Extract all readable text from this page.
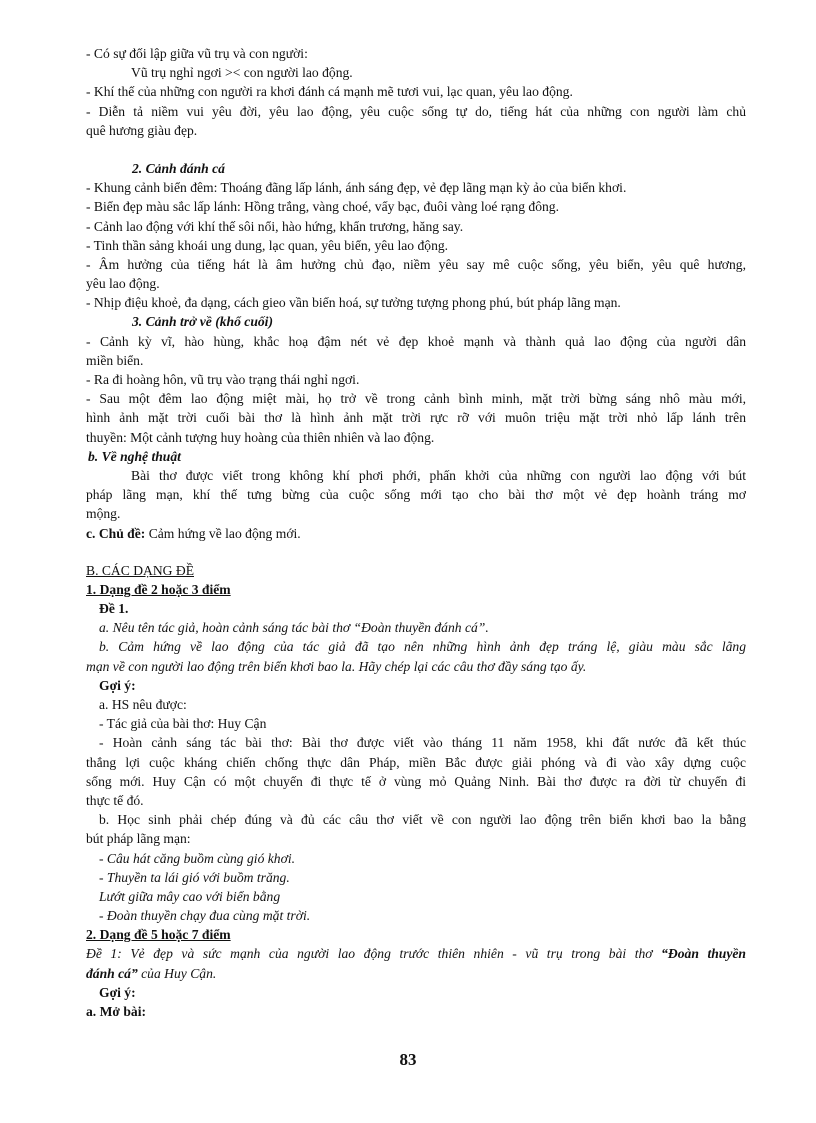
- Có sự đối lập giữa vũ trụ và con người:
Vũ trụ nghỉ ngơi >< con người lao động.
- Khí thế của những con người ra khơi đánh cá mạnh mẽ tươi vui, lạc quan, yêu lao động.
- Diễn tả niềm vui yêu đời, yêu lao động, yêu cuộc sống tự do, tiếng hát của những con người làm chủ
quê hương giàu đẹp.
2. Cảnh đánh cá
- Khung cảnh biển đêm: Thoáng đãng lấp lánh, ánh sáng đẹp, vẻ đẹp lãng mạn kỳ ảo của biển khơi.
- Biển đẹp màu sắc lấp lánh: Hồng trắng, vàng choé, vẩy bạc, đuôi vàng loé rạng đông.
- Cảnh lao động với khí thế sôi nổi, hào hứng, khẩn trương, hăng say.
- Tinh thần sảng khoái ung dung, lạc quan, yêu biển, yêu lao động.
- Âm hưởng của tiếng hát là âm hưởng chủ đạo, niềm yêu say mê cuộc sống, yêu biển, yêu quê hương,
yêu lao động.
- Nhịp điệu khoẻ, đa dạng, cách gieo vần biến hoá, sự tưởng tượng phong phú, bút pháp lãng mạn.
3. Cảnh trở về (khổ cuối)
- Cảnh kỳ vĩ, hào hùng, khắc hoạ đậm nét vẻ đẹp khoẻ mạnh và thành quả lao động của người dân
miền biển.
- Ra đi hoàng hôn, vũ trụ vào trạng thái nghỉ ngơi.
- Sau một đêm lao động miệt mài, họ trở về trong cảnh bình minh, mặt trời bừng sáng nhô màu mới,
hình ảnh mặt trời cuối bài thơ là hình ảnh mặt trời rực rỡ với muôn triệu mặt trời nhỏ lấp lánh trên
thuyền: Một cảnh tượng huy hoàng của thiên nhiên và lao động.
b. Về nghệ thuật
Bài thơ được viết trong không khí phơi phới, phấn khởi của những con người lao động với bút
pháp lãng mạn, khí thế tưng bừng của cuộc sống mới tạo cho bài thơ một vẻ đẹp hoành tráng mơ
mộng.
c. Chủ đề: Cảm hứng về lao động mới.
B. CÁC DẠNG ĐỀ
1. Dạng đề 2 hoặc 3 điểm
Đề 1.
a. Nêu tên tác giả, hoàn cảnh sáng tác bài thơ “Đoàn thuyền đánh cá”.
b. Cảm hứng về lao động của tác giả đã tạo nên những hình ảnh đẹp tráng lệ, giàu màu sắc lãng
mạn về con người lao động trên biển khơi bao la. Hãy chép lại các câu thơ đầy sáng tạo ấy.
Gợi ý:
a. HS nêu được:
- Tác giả của bài thơ: Huy Cận
- Hoàn cảnh sáng tác bài thơ: Bài thơ được viết vào tháng 11 năm 1958, khi đất nước đã kết thúc
thắng lợi cuộc kháng chiến chống thực dân Pháp, miền Bắc được giải phóng và đi vào xây dựng cuộc
sống mới. Huy Cận có một chuyến đi thực tế ở vùng mỏ Quảng Ninh. Bài thơ được ra đời từ chuyến đi
thực tế đó.
b. Học sinh phải chép đúng và đủ các câu thơ viết về con người lao động trên biển khơi bao la bằng
bút pháp lãng mạn:
- Câu hát căng buồm cùng gió khơi.
- Thuyền ta lái gió với buồm trăng.
Lướt giữa mây cao với biển bằng
- Đoàn thuyền chạy đua cùng mặt trời.
2. Dạng đề 5 hoặc 7 điểm
Đề 1: Vẻ đẹp và sức mạnh của người lao động trước thiên nhiên - vũ trụ trong bài thơ “Đoàn thuyền
đánh cá” của Huy Cận.
Gợi ý:
a. Mở bài:
83
